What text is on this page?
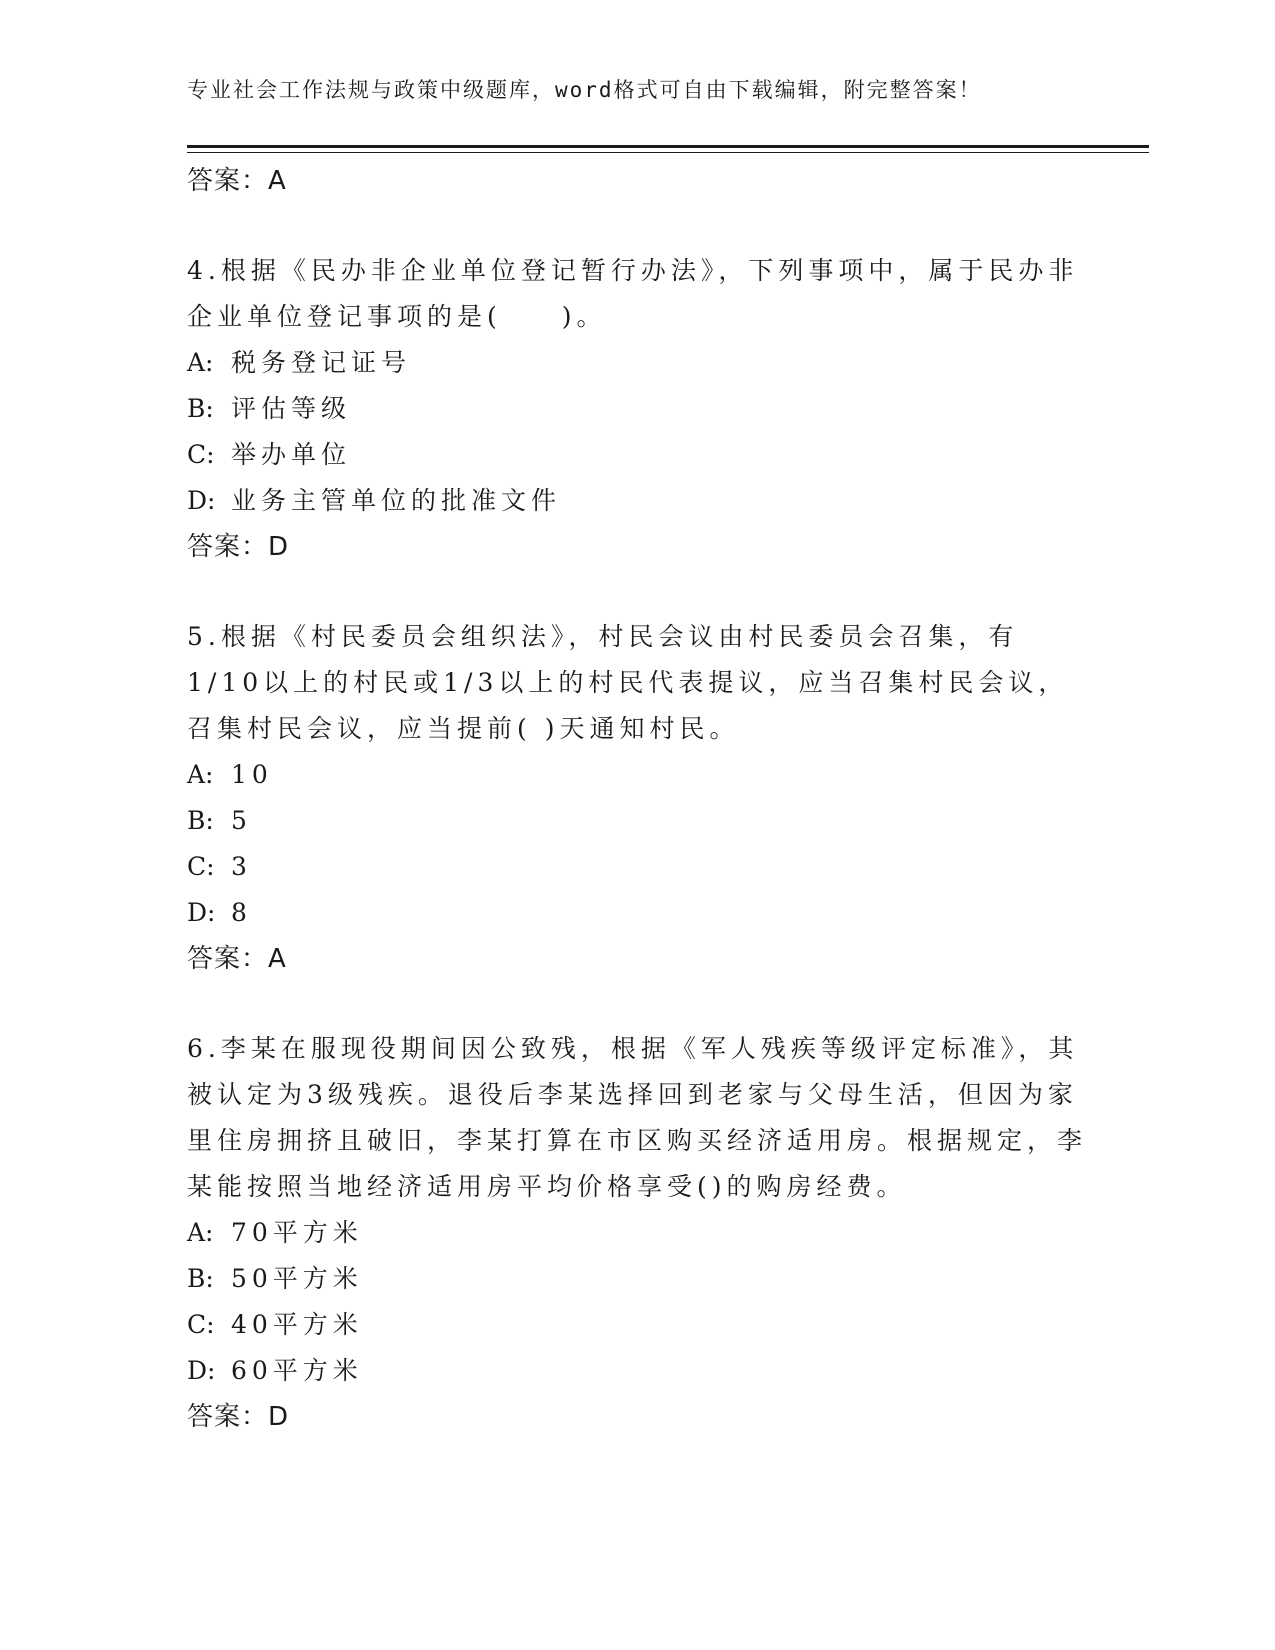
专业社会工作法规与政策中级题库，word格式可自由下载编辑，附完整答案！
答案：A

4.根据《民办非企业单位登记暂行办法》，下列事项中，属于民办非企业单位登记事项的是(　　)。

A: 税务登记证号
B: 评估等级
C: 举办单位
D: 业务主管单位的批准文件
答案：D

5.根据《村民委员会组织法》，村民会议由村民委员会召集，有1/10以上的村民或1/3以上的村民代表提议，应当召集村民会议，召集村民会议，应当提前( )天通知村民。

A: 10
B: 5
C: 3
D: 8
答案：A

6.李某在服现役期间因公致残，根据《军人残疾等级评定标准》，其被认定为3级残疾。退役后李某选择回到老家与父母生活，但因为家里住房拥挤且破旧，李某打算在市区购买经济适用房。根据规定，李某能按照当地经济适用房平均价格享受()的购房经费。

A: 70平方米
B: 50平方米
C: 40平方米
D: 60平方米
答案：D
